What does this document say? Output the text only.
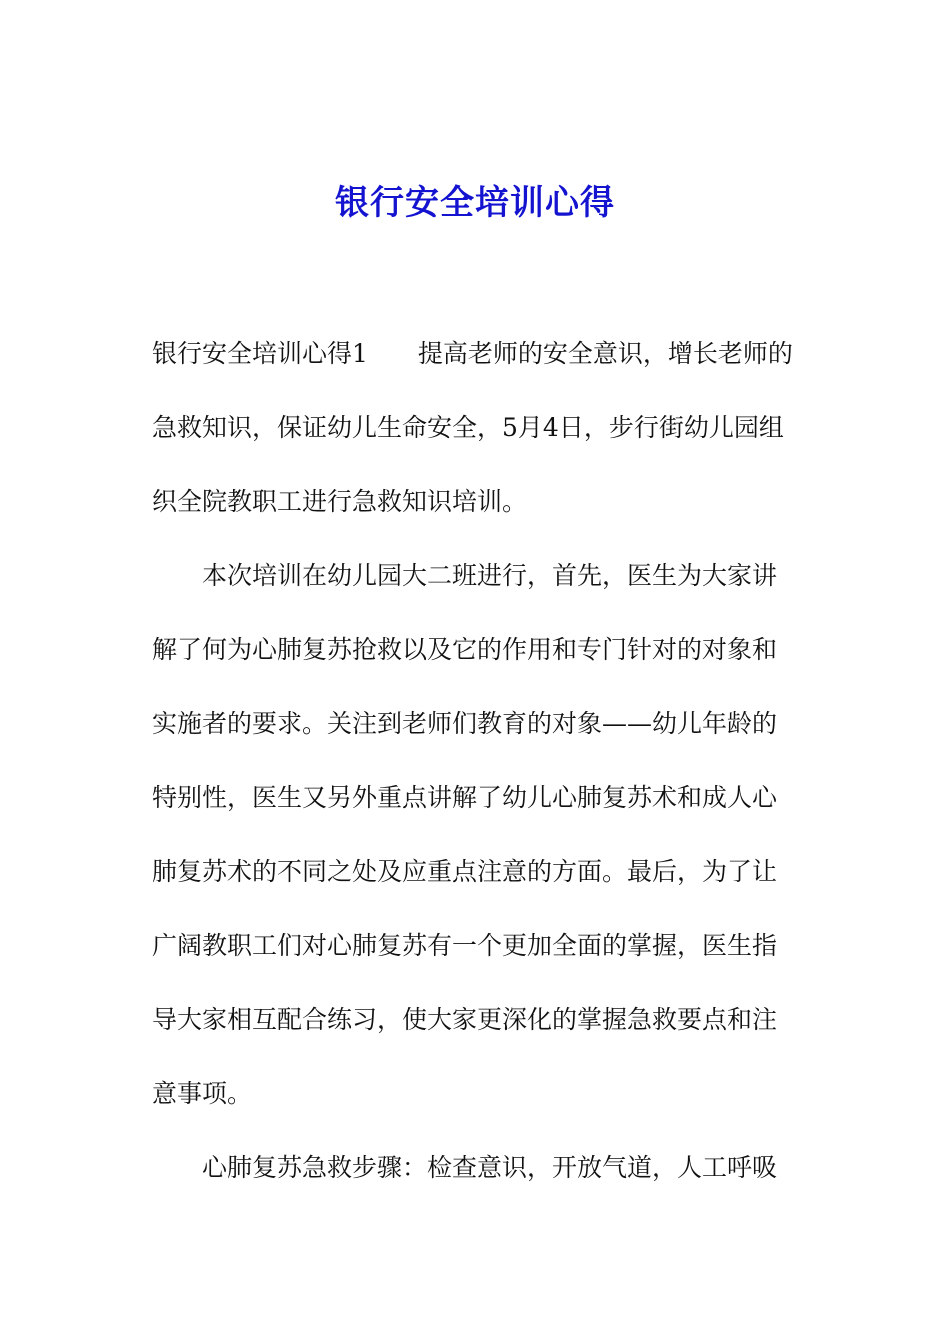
银行安全培训心得
银行安全培训心得1 提高老师的安全意识，增长老师的
急救知识，保证幼儿生命安全，5月4日，步行街幼儿园组
织全院教职工进行急救知识培训。
本次培训在幼儿园大二班进行，首先，医生为大家讲
解了何为心肺复苏抢救以及它的作用和专门针对的对象和
实施者的要求。关注到老师们教育的对象——幼儿年龄的
特别性，医生又另外重点讲解了幼儿心肺复苏术和成人心
肺复苏术的不同之处及应重点注意的方面。最后，为了让
广阔教职工们对心肺复苏有一个更加全面的掌握，医生指
导大家相互配合练习，使大家更深化的掌握急救要点和注
意事项。
心肺复苏急救步骤：检查意识，开放气道，人工呼吸
